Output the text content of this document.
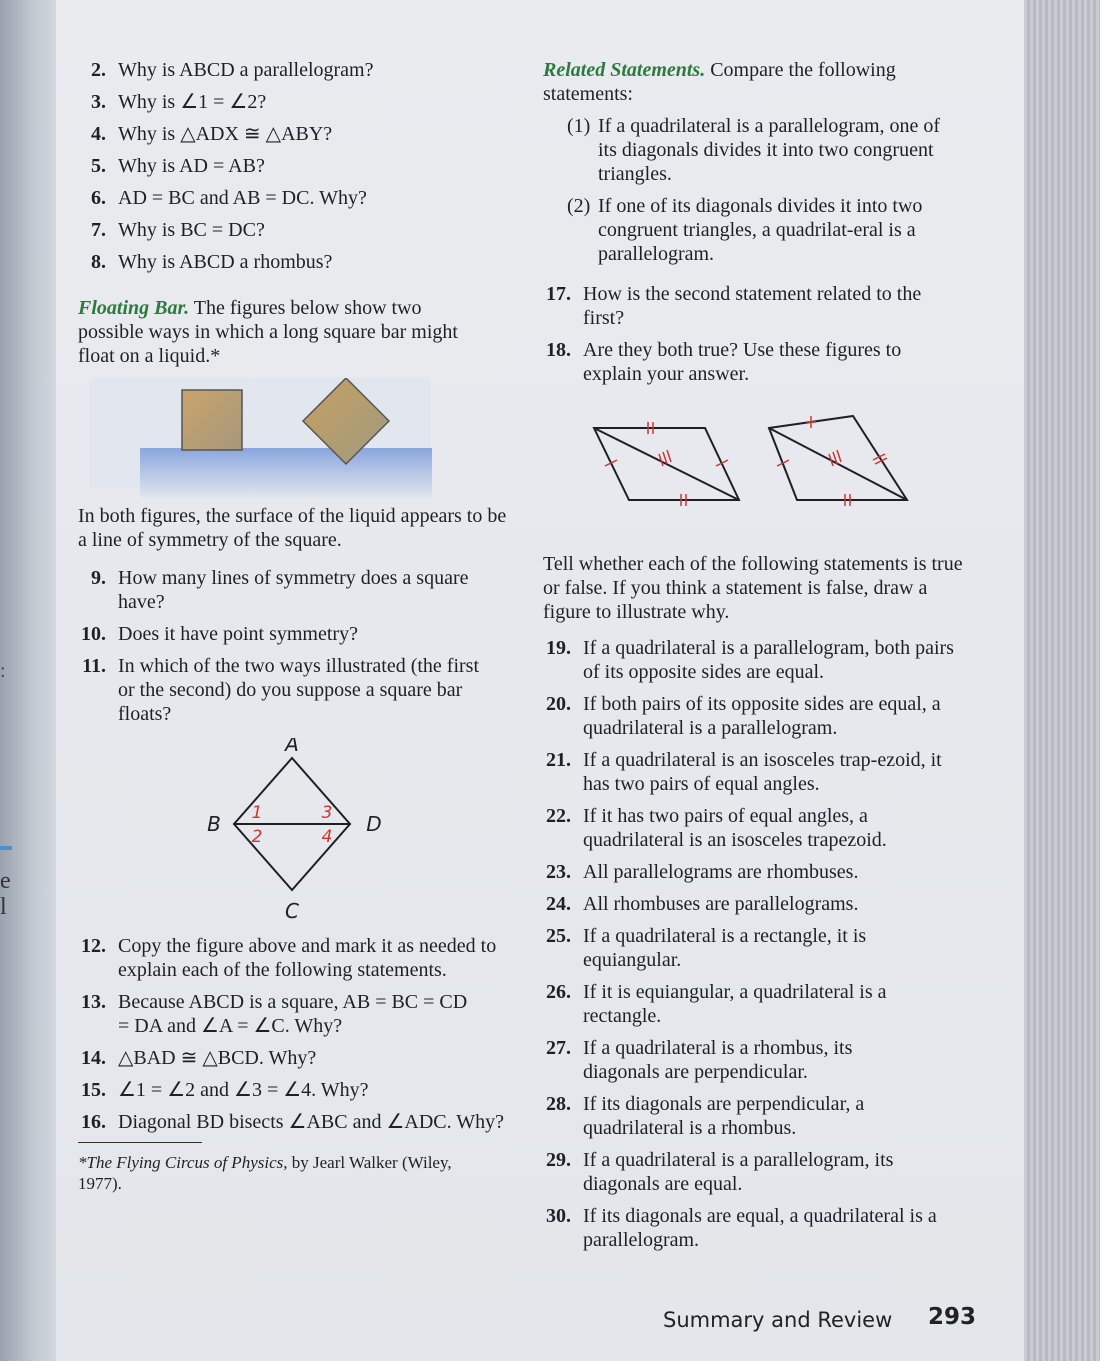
:
e
l
2. Why is ABCD a parallelogram?
3. Why is ∠1 = ∠2?
4. Why is △ADX ≅ △ABY?
5. Why is AD = AB?
6. AD = BC and AB = DC. Why?
7. Why is BC = DC?
8. Why is ABCD a rhombus?
Floating Bar. The figures below show two possible ways in which a long square bar might float on a liquid.*
In both figures, the surface of the liquid appears to be a line of symmetry of the square.
9. How many lines of symmetry does a square have?
10. Does it have point symmetry?
11. In which of the two ways illustrated (the first or the second) do you suppose a square bar floats?
A
B
C
D
1
2
3
4
12. Copy the figure above and mark it as needed to explain each of the following statements.
13. Because ABCD is a square, AB = BC = CD = DA and ∠A = ∠C. Why?
14. △BAD ≅ △BCD. Why?
15. ∠1 = ∠2 and ∠3 = ∠4. Why?
16. Diagonal BD bisects ∠ABC and ∠ADC. Why?
*The Flying Circus of Physics, by Jearl Walker (Wiley, 1977).
Related Statements. Compare the following statements:
(1) If a quadrilateral is a parallelogram, one of its diagonals divides it into two congruent triangles.
(2) If one of its diagonals divides it into two congruent triangles, a quadrilat-eral is a parallelogram.
17. How is the second statement related to the first?
18. Are they both true? Use these figures to explain your answer.
Tell whether each of the following statements is true or false. If you think a statement is false, draw a figure to illustrate why.
19. If a quadrilateral is a parallelogram, both pairs of its opposite sides are equal.
20. If both pairs of its opposite sides are equal, a quadrilateral is a parallelogram.
21. If a quadrilateral is an isosceles trap-ezoid, it has two pairs of equal angles.
22. If it has two pairs of equal angles, a quadrilateral is an isosceles trapezoid.
23. All parallelograms are rhombuses.
24. All rhombuses are parallelograms.
25. If a quadrilateral is a rectangle, it is equiangular.
26. If it is equiangular, a quadrilateral is a rectangle.
27. If a quadrilateral is a rhombus, its diagonals are perpendicular.
28. If its diagonals are perpendicular, a quadrilateral is a rhombus.
29. If a quadrilateral is a parallelogram, its diagonals are equal.
30. If its diagonals are equal, a quadrilateral is a parallelogram.
Summary and Review 293
